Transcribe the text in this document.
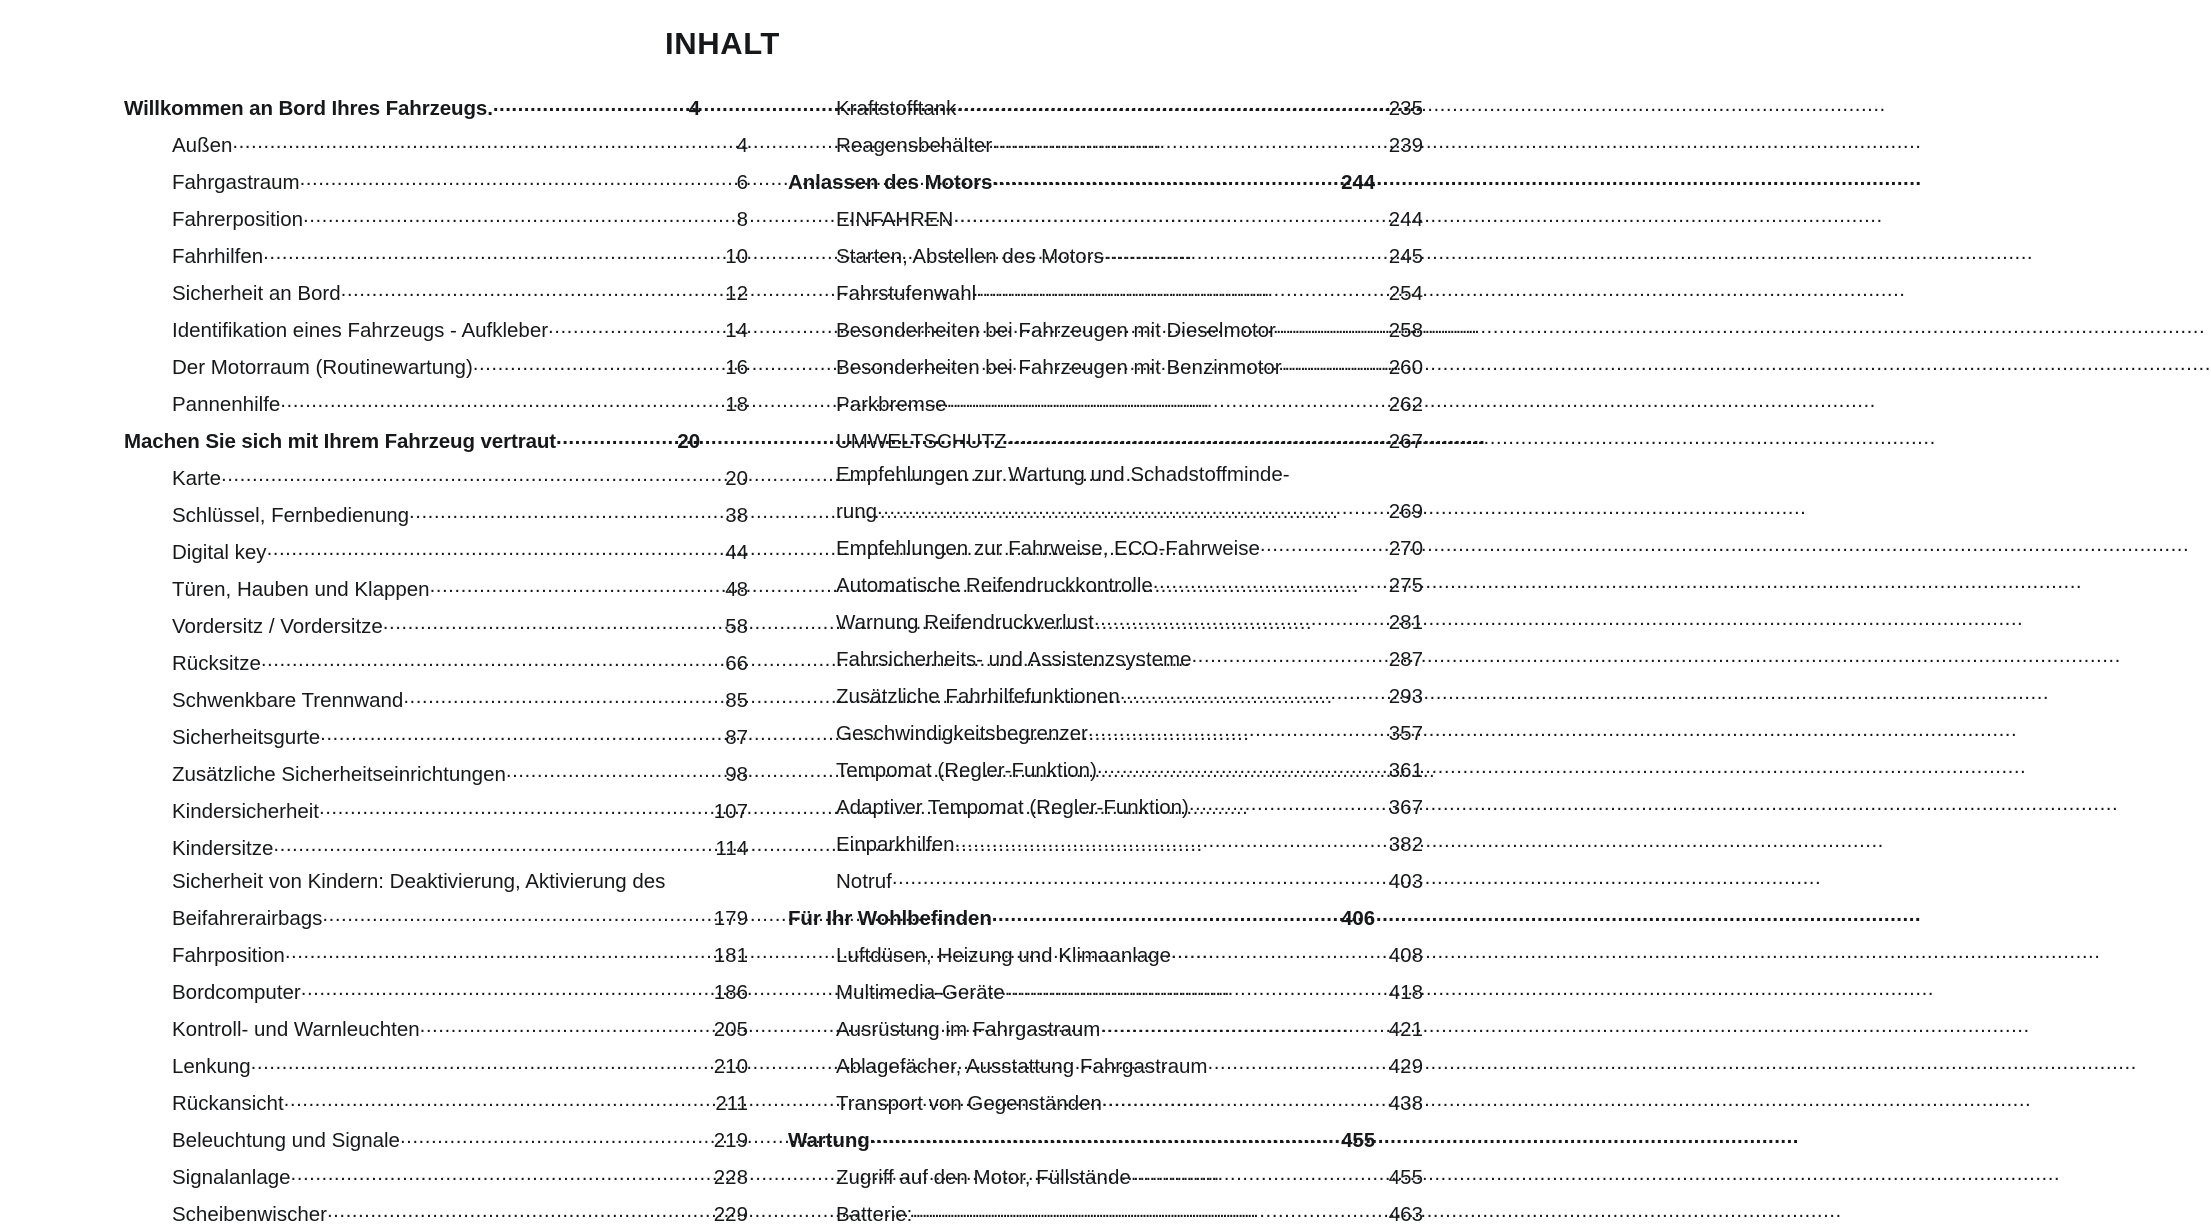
INHALT
Willkommen an Bord Ihres Fahrzeugs. .....	4
Außen .....	4
Fahrgastraum .....	6
Fahrerposition .....	8
Fahrhilfen .....	10
Sicherheit an Bord .....	12
Identifikation eines Fahrzeugs - Aufkleber .....	14
Der Motorraum (Routinewartung) .....	16
Pannenhilfe .....	18
Machen Sie sich mit Ihrem Fahrzeug vertraut .....	20
Karte .....	20
Schlüssel, Fernbedienung .....	38
Digital key .....	44
Türen, Hauben und Klappen .....	48
Vordersitz / Vordersitze .....	58
Rücksitze .....	66
Schwenkbare Trennwand .....	85
Sicherheitsgurte .....	87
Zusätzliche Sicherheitseinrichtungen .....	98
Kindersicherheit .....	107
Kindersitze .....	114
Sicherheit von Kindern: Deaktivierung, Aktivierung des
Beifahrerairbags .....	179
Fahrposition .....	181
Bordcomputer .....	186
Kontroll- und Warnleuchten .....	205
Lenkung .....	210
Rückansicht .....	211
Beleuchtung und Signale .....	219
Signalanlage .....	228
Scheibenwischer .....	229
Kraftstofftank .....	235
Reagensbehälter .....	239
Anlassen des Motors .....	244
EINFAHREN .....	244
Starten, Abstellen des Motors .....	245
Fahrstufenwahl .....	254
Besonderheiten bei Fahrzeugen mit Dieselmotor .....	258
Besonderheiten bei Fahrzeugen mit Benzinmotor .....	260
Parkbremse .....	262
UMWELTSCHUTZ .....	267
Empfehlungen zur Wartung und Schadstoffminde-
rung .....	269
Empfehlungen zur Fahrweise, ECO-Fahrweise .....	270
Automatische Reifendruckkontrolle .....	275
Warnung Reifendruckverlust .....	281
Fahrsicherheits- und Assistenzsysteme .....	287
Zusätzliche Fahrhilfefunktionen .....	293
Geschwindigkeitsbegrenzer .....	357
Tempomat (Regler-Funktion) .....	361
Adaptiver Tempomat (Regler-Funktion) .....	367
Einparkhilfen .....	382
Notruf .....	403
Für Ihr Wohlbefinden .....	406
Luftdüsen, Heizung und Klimaanlage .....	408
Multimedia-Geräte .....	418
Ausrüstung im Fahrgastraum .....	421
Ablagefächer, Ausstattung Fahrgastraum .....	429
Transport von Gegenständen .....	438
Wartung .....	455
Zugriff auf den Motor, Füllstände .....	455
Batterie: .....	463
